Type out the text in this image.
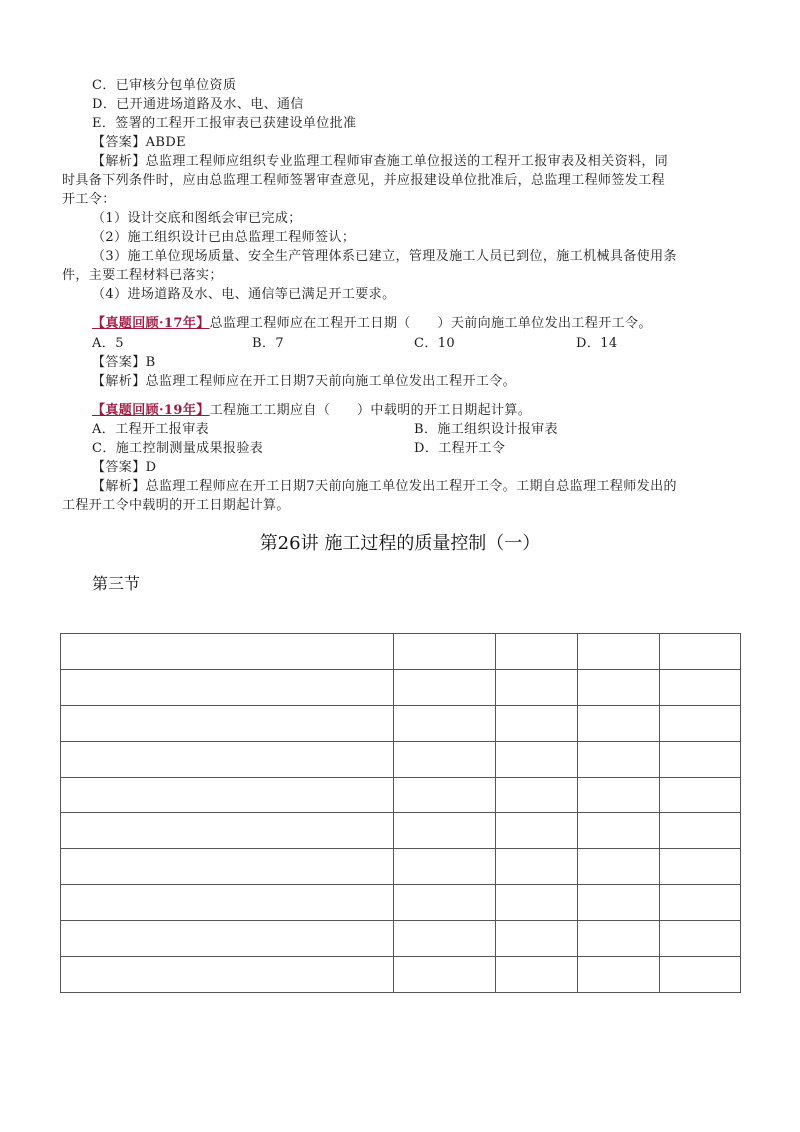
C．已审核分包单位资质
D．已开通进场道路及水、电、通信
E．签署的工程开工报审表已获建设单位批准
【答案】ABDE
【解析】总监理工程师应组织专业监理工程师审查施工单位报送的工程开工报审表及相关资料，同
时具备下列条件时，应由总监理工程师签署审查意见，并应报建设单位批准后，总监理工程师签发工程
开工令：
（1）设计交底和图纸会审已完成；
（2）施工组织设计已由总监理工程师签认；
（3）施工单位现场质量、安全生产管理体系已建立，管理及施工人员已到位，施工机械具备使用条
件，主要工程材料已落实；
（4）进场道路及水、电、通信等已满足开工要求。
【真题回顾·17年】总监理工程师应在工程开工日期（　　）天前向施工单位发出工程开工令。
A．5	B．7	C．10	D．14
【答案】B
【解析】总监理工程师应在开工日期7天前向施工单位发出工程开工令。
【真题回顾·19年】工程施工工期应自（　　）中载明的开工日期起计算。
A．工程开工报审表	B．施工组织设计报审表
C．施工控制测量成果报验表	D．工程开工令
【答案】D
【解析】总监理工程师应在开工日期7天前向施工单位发出工程开工令。工期自总监理工程师发出的
工程开工令中载明的开工日期起计算。
第26讲 施工过程的质量控制（一）
第三节
